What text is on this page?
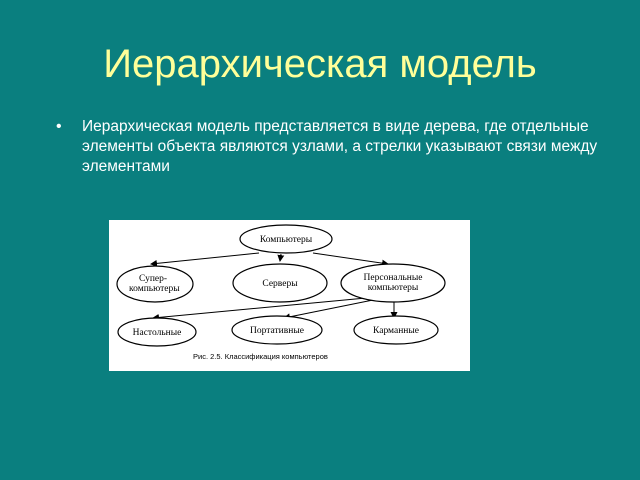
Иерархическая модель
• Иерархическая модель представляется в виде дерева, где отдельные элементы объекта являются узлами, а стрелки указывают связи между элементами
Компьютеры
Супер-
компьютеры	Серверы
Персональные
компьютеры
Настольные	Портативные	Карманные
Рис. 2.5. Классификация компьютеров
